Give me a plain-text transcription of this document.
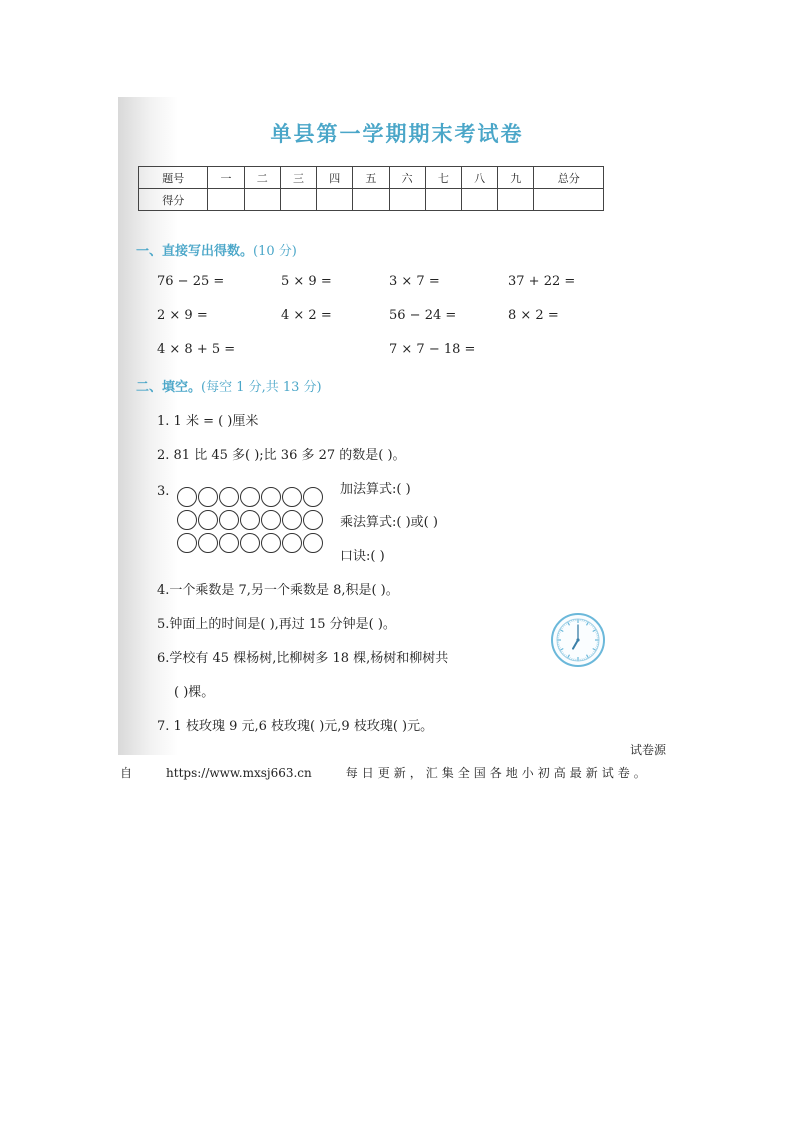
单县第一学期期末考试卷
题号	一	二	三	四	五	六	七	八	九	总分
得分										
一、直接写出得数。(10 分)
76 − 25 =	5 × 9 =	3 × 7 =	37 + 22 =
2 × 9 =	4 × 2 =	56 − 24 =	8 × 2 =
4 × 8 + 5 =	7 × 7 − 18 =
二、填空。(每空 1 分,共 13 分)
1. 1 米 = ( )厘米
2. 81 比 45 多( );比 36 多 27 的数是( )。
3.	加法算式:( )
乘法算式:( )或( )
口诀:( )
4.一个乘数是 7,另一个乘数是 8,积是( )。
5.钟面上的时间是( ),再过 15 分钟是( )。
6.学校有 45 棵杨树,比柳树多 18 棵,杨树和柳树共
( )棵。
7. 1 枝玫瑰 9 元,6 枝玫瑰( )元,9 枝玫瑰( )元。
试卷源
自	https://www.mxsj663.cn	每日更新，汇集全国各地小初高最新试卷。
